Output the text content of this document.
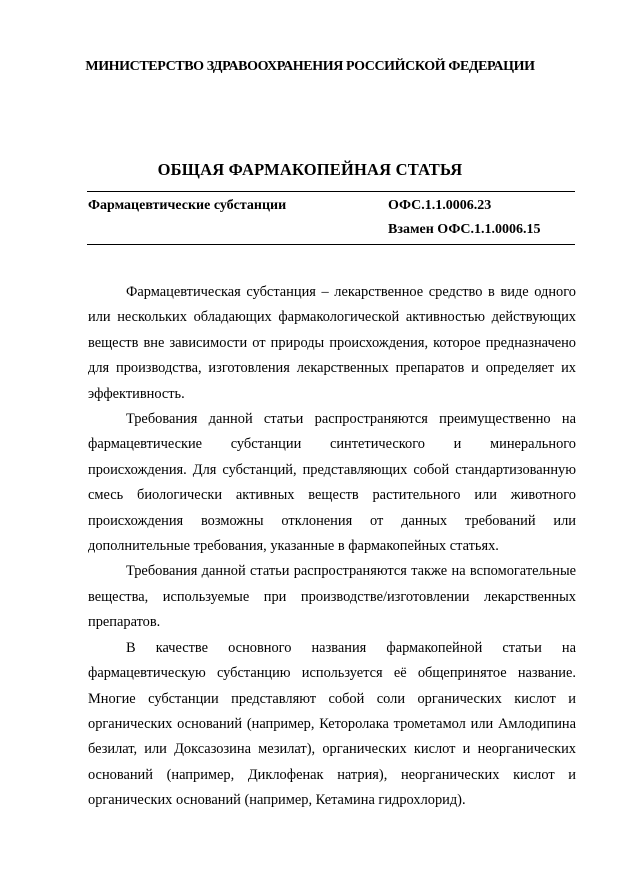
МИНИСТЕРСТВО ЗДРАВООХРАНЕНИЯ РОССИЙСКОЙ ФЕДЕРАЦИИ
ОБЩАЯ ФАРМАКОПЕЙНАЯ СТАТЬЯ
Фармацевтические субстанции	ОФС.1.1.0006.23
Взамен ОФС.1.1.0006.15

Фармацевтическая субстанция – лекарственное средство в виде одного или нескольких обладающих фармакологической активностью действующих веществ вне зависимости от природы происхождения, которое предназначено для производства, изготовления лекарственных препаратов и определяет их эффективность.

Требования данной статьи распространяются преимущественно на фармацевтические субстанции синтетического и минерального происхождения. Для субстанций, представляющих собой стандартизованную смесь биологически активных веществ растительного или животного происхождения возможны отклонения от данных требований или дополнительные требования, указанные в фармакопейных статьях.

Требования данной статьи распространяются также на вспомогательные вещества, используемые при производстве/изготовлении лекарственных препаратов.

В качестве основного названия фармакопейной статьи на фармацевтическую субстанцию используется её общепринятое название. Многие субстанции представляют собой соли органических кислот и органических оснований (например, Кеторолака трометамол или Амлодипина безилат, или Доксазозина мезилат), органических кислот и неорганических оснований (например, Диклофенак натрия), неорганических кислот и органических оснований (например, Кетамина гидрохлорид).
